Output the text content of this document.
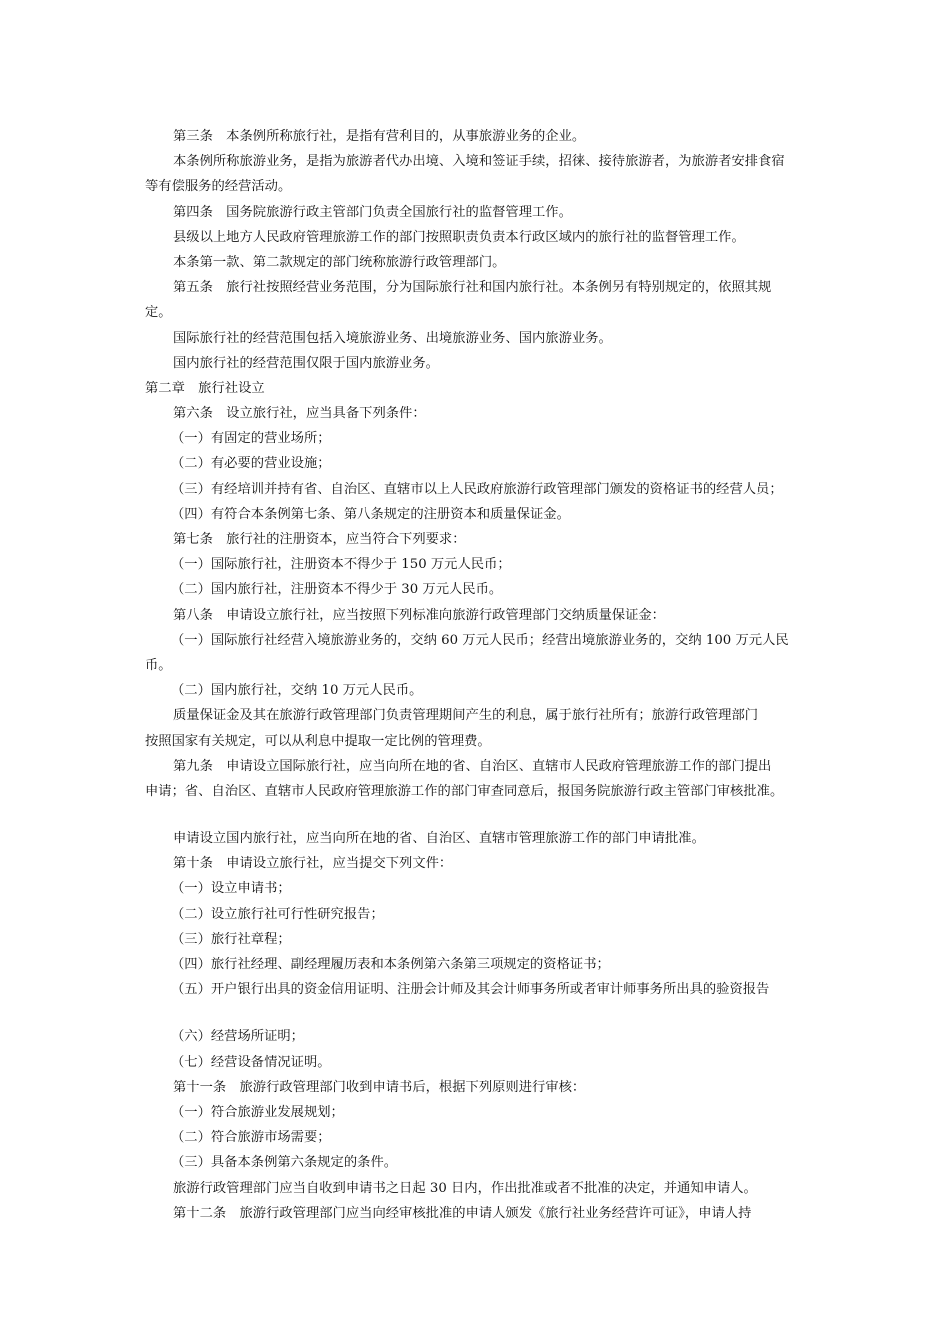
第三条　本条例所称旅行社，是指有营利目的，从事旅游业务的企业。
本条例所称旅游业务，是指为旅游者代办出境、入境和签证手续，招徕、接待旅游者，为旅游者安排食宿
等有偿服务的经营活动。
第四条　国务院旅游行政主管部门负责全国旅行社的监督管理工作。
县级以上地方人民政府管理旅游工作的部门按照职责负责本行政区域内的旅行社的监督管理工作。
本条第一款、第二款规定的部门统称旅游行政管理部门。
第五条　旅行社按照经营业务范围，分为国际旅行社和国内旅行社。本条例另有特别规定的，依照其规
定。
国际旅行社的经营范围包括入境旅游业务、出境旅游业务、国内旅游业务。
国内旅行社的经营范围仅限于国内旅游业务。
第二章　旅行社设立
第六条　设立旅行社，应当具备下列条件：
（一）有固定的营业场所；
（二）有必要的营业设施；
（三）有经培训并持有省、自治区、直辖市以上人民政府旅游行政管理部门颁发的资格证书的经营人员；
（四）有符合本条例第七条、第八条规定的注册资本和质量保证金。
第七条　旅行社的注册资本，应当符合下列要求：
（一）国际旅行社，注册资本不得少于 150 万元人民币；
（二）国内旅行社，注册资本不得少于 30 万元人民币。
第八条　申请设立旅行社，应当按照下列标准向旅游行政管理部门交纳质量保证金：
（一）国际旅行社经营入境旅游业务的，交纳 60 万元人民币；经营出境旅游业务的，交纳 100 万元人民
币。
（二）国内旅行社，交纳 10 万元人民币。
质量保证金及其在旅游行政管理部门负责管理期间产生的利息，属于旅行社所有；旅游行政管理部门
按照国家有关规定，可以从利息中提取一定比例的管理费。
第九条　申请设立国际旅行社，应当向所在地的省、自治区、直辖市人民政府管理旅游工作的部门提出
申请；省、自治区、直辖市人民政府管理旅游工作的部门审查同意后，报国务院旅游行政主管部门审核批准。
申请设立国内旅行社，应当向所在地的省、自治区、直辖市管理旅游工作的部门申请批准。
第十条　申请设立旅行社，应当提交下列文件：
（一）设立申请书；
（二）设立旅行社可行性研究报告；
（三）旅行社章程；
（四）旅行社经理、副经理履历表和本条例第六条第三项规定的资格证书；
（五）开户银行出具的资金信用证明、注册会计师及其会计师事务所或者审计师事务所出具的验资报告
（六）经营场所证明；
（七）经营设备情况证明。
第十一条　旅游行政管理部门收到申请书后，根据下列原则进行审核：
（一）符合旅游业发展规划；
（二）符合旅游市场需要；
（三）具备本条例第六条规定的条件。
旅游行政管理部门应当自收到申请书之日起 30 日内，作出批准或者不批准的决定，并通知申请人。
第十二条　旅游行政管理部门应当向经审核批准的申请人颁发《旅行社业务经营许可证》，申请人持
